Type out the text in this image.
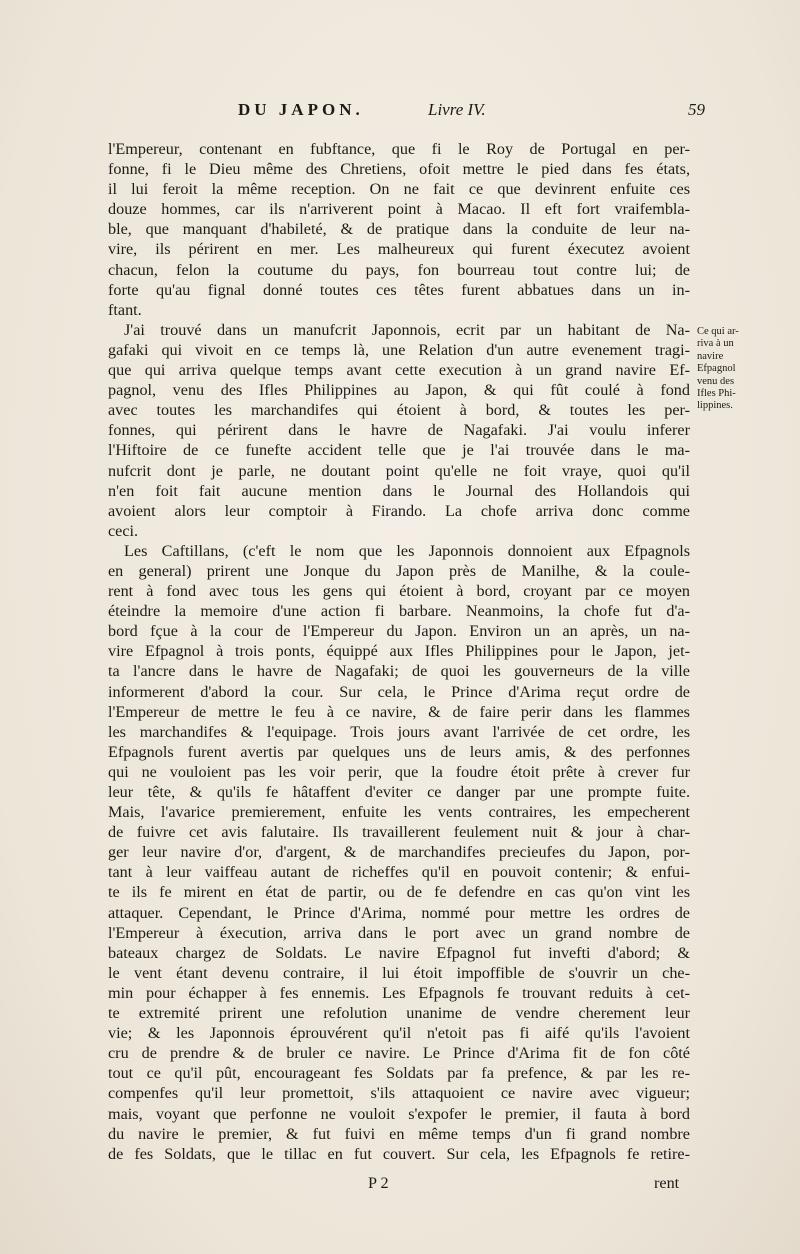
DU JAPON.	Livre IV.	59
l'Empereur, contenant en fubftance, que fi le Roy de Portugal en per-
fonne, fi le Dieu même des Chretiens, ofoit mettre le pied dans fes états,
il lui feroit la même reception. On ne fait ce que devinrent enfuite ces
douze hommes, car ils n'arriverent point à Macao. Il eft fort vraifembla-
ble, que manquant d'habileté, & de pratique dans la conduite de leur na-
vire, ils périrent en mer. Les malheureux qui furent éxecutez avoient
chacun, felon la coutume du pays, fon bourreau tout contre lui; de
forte qu'au fignal donné toutes ces têtes furent abbatues dans un in-
ftant.
J'ai trouvé dans un manufcrit Japonnois, ecrit par un habitant de Na-
gafaki qui vivoit en ce temps là, une Relation d'un autre evenement tragi-
que qui arriva quelque temps avant cette execution à un grand navire Ef-
pagnol, venu des Ifles Philippines au Japon, & qui fût coulé à fond
avec toutes les marchandifes qui étoient à bord, & toutes les per-
fonnes, qui périrent dans le havre de Nagafaki. J'ai voulu inferer
l'Hiftoire de ce funefte accident telle que je l'ai trouvée dans le ma-
nufcrit dont je parle, ne doutant point qu'elle ne foit vraye, quoi qu'il
n'en foit fait aucune mention dans le Journal des Hollandois qui
avoient alors leur comptoir à Firando. La chofe arriva donc comme
ceci.
Les Caftillans, (c'eft le nom que les Japonnois donnoient aux Efpagnols
en general) prirent une Jonque du Japon près de Manilhe, & la coule-
rent à fond avec tous les gens qui étoient à bord, croyant par ce moyen
éteindre la memoire d'une action fi barbare. Neanmoins, la chofe fut d'a-
bord fçue à la cour de l'Empereur du Japon. Environ un an après, un na-
vire Efpagnol à trois ponts, équippé aux Ifles Philippines pour le Japon, jet-
ta l'ancre dans le havre de Nagafaki; de quoi les gouverneurs de la ville
informerent d'abord la cour. Sur cela, le Prince d'Arima reçut ordre de
l'Empereur de mettre le feu à ce navire, & de faire perir dans les flammes
les marchandifes & l'equipage. Trois jours avant l'arrivée de cet ordre, les
Efpagnols furent avertis par quelques uns de leurs amis, & des perfonnes
qui ne vouloient pas les voir perir, que la foudre étoit prête à crever fur
leur tête, & qu'ils fe hâtaffent d'eviter ce danger par une prompte fuite.
Mais, l'avarice premierement, enfuite les vents contraires, les empecherent
de fuivre cet avis falutaire. Ils travaillerent feulement nuit & jour à char-
ger leur navire d'or, d'argent, & de marchandifes precieufes du Japon, por-
tant à leur vaiffeau autant de richeffes qu'il en pouvoit contenir; & enfui-
te ils fe mirent en état de partir, ou de fe defendre en cas qu'on vint les
attaquer. Cependant, le Prince d'Arima, nommé pour mettre les ordres de
l'Empereur à éxecution, arriva dans le port avec un grand nombre de
bateaux chargez de Soldats. Le navire Efpagnol fut invefti d'abord; &
le vent étant devenu contraire, il lui étoit impoffible de s'ouvrir un che-
min pour échapper à fes ennemis. Les Efpagnols fe trouvant reduits à cet-
te extremité prirent une refolution unanime de vendre cherement leur
vie; & les Japonnois éprouvérent qu'il n'etoit pas fi aifé qu'ils l'avoient
cru de prendre & de bruler ce navire. Le Prince d'Arima fit de fon côté
tout ce qu'il pût, encourageant fes Soldats par fa prefence, & par les re-
compenfes qu'il leur promettoit, s'ils attaquoient ce navire avec vigueur;
mais, voyant que perfonne ne vouloit s'expofer le premier, il fauta à bord
du navire le premier, & fut fuivi en même temps d'un fi grand nombre
de fes Soldats, que le tillac en fut couvert. Sur cela, les Efpagnols fe retire-
Ce qui ar-
riva à un
navire
Efpagnol
venu des
Ifles Phi-
lippines.
P 2	rent
